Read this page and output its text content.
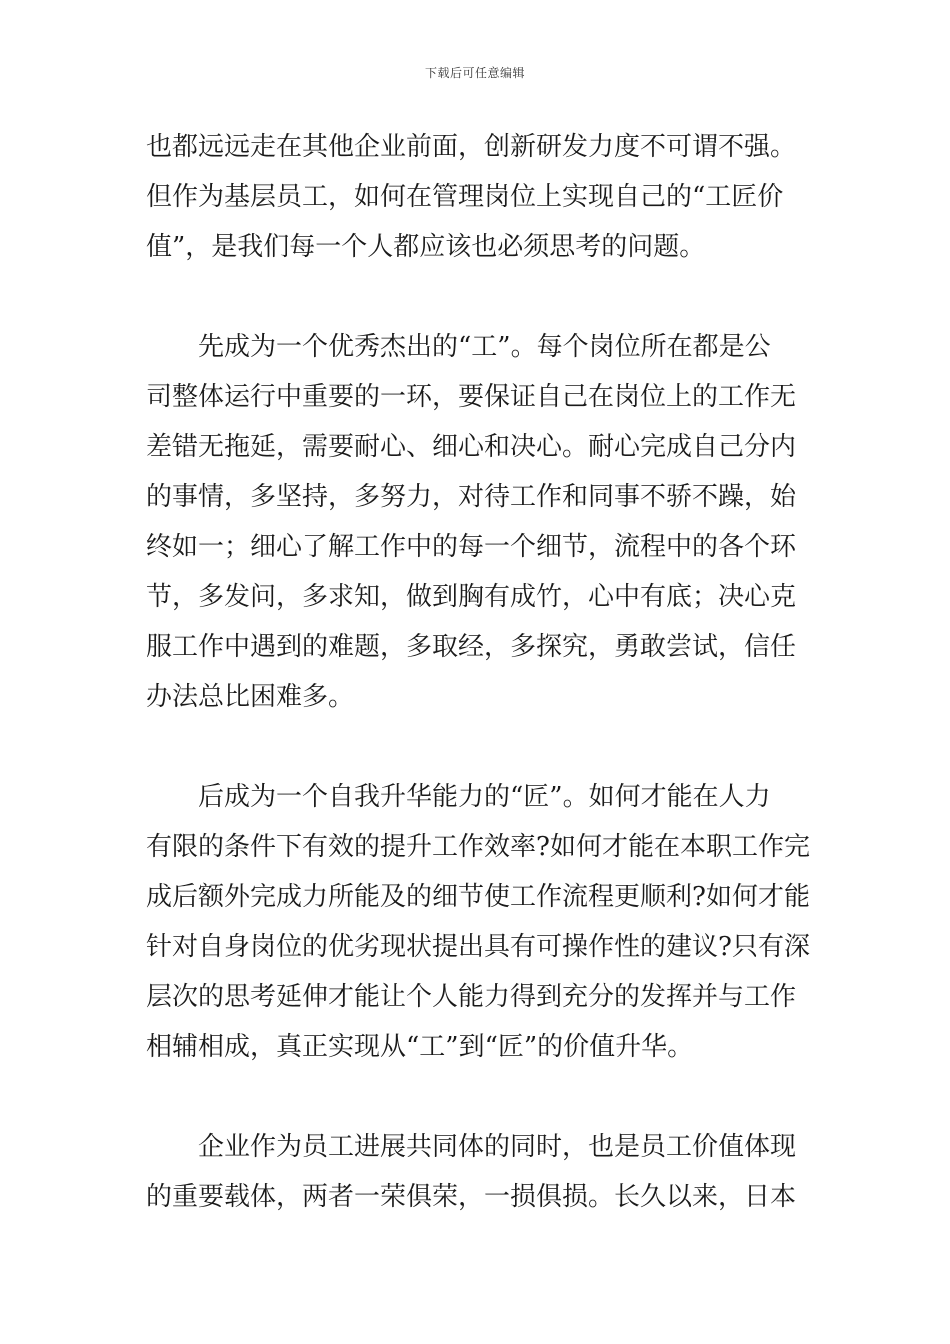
下载后可任意编辑
也都远远走在其他企业前面，创新研发力度不可谓不强。
但作为基层员工，如何在管理岗位上实现自己的“工匠价
值”，是我们每一个人都应该也必须思考的问题。
先成为一个优秀杰出的“工”。每个岗位所在都是公
司整体运行中重要的一环，要保证自己在岗位上的工作无
差错无拖延，需要耐心、细心和决心。耐心完成自己分内
的事情，多坚持，多努力，对待工作和同事不骄不躁，始
终如一；细心了解工作中的每一个细节，流程中的各个环
节，多发问，多求知，做到胸有成竹，心中有底；决心克
服工作中遇到的难题，多取经，多探究，勇敢尝试，信任
办法总比困难多。
后成为一个自我升华能力的“匠”。如何才能在人力
有限的条件下有效的提升工作效率?如何才能在本职工作完
成后额外完成力所能及的细节使工作流程更顺利?如何才能
针对自身岗位的优劣现状提出具有可操作性的建议?只有深
层次的思考延伸才能让个人能力得到充分的发挥并与工作
相辅相成，真正实现从“工”到“匠”的价值升华。
企业作为员工进展共同体的同时，也是员工价值体现
的重要载体，两者一荣俱荣，一损俱损。长久以来，日本
